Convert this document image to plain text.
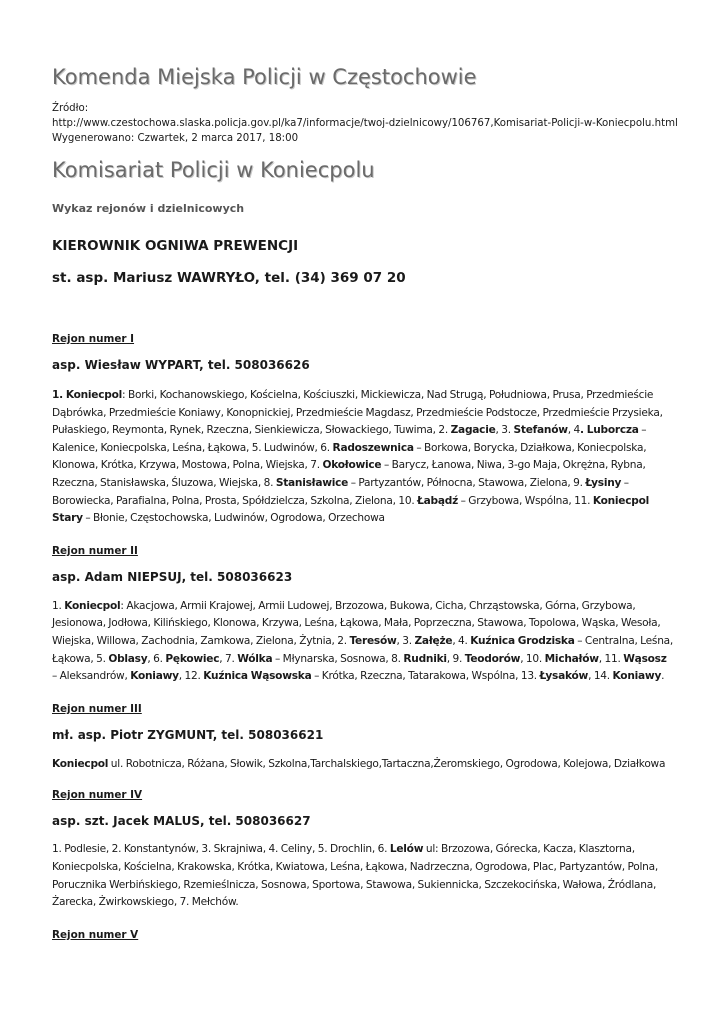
Komenda Miejska Policji w Częstochowie
Źródło:
http://www.czestochowa.slaska.policja.gov.pl/ka7/informacje/twoj-dzielnicowy/106767,Komisariat-Policji-w-Koniecpolu.html
Wygenerowano: Czwartek, 2 marca 2017, 18:00
Komisariat Policji w Koniecpolu
Wykaz rejonów i dzielnicowych
KIEROWNIK OGNIWA PREWENCJI
st. asp. Mariusz WAWRYŁO, tel. (34) 369 07 20
Rejon numer I
asp. Wiesław WYPART, tel. 508036626

1. Koniecpol: Borki, Kochanowskiego, Kościelna, Kościuszki, Mickiewicza, Nad Strugą, Południowa, Prusa, Przedmieście Dąbrówka, Przedmieście Koniawy, Konopnickiej, Przedmieście Magdasz, Przedmieście Podstocze, Przedmieście Przysieka, Pułaskiego, Reymonta, Rynek, Rzeczna, Sienkiewicza, Słowackiego, Tuwima, 2. Zagacie, 3. Stefanów, 4. Luborcza – Kalenice, Koniecpolska, Leśna, Łąkowa, 5. Ludwinów, 6. Radoszewnica – Borkowa, Borycka, Działkowa, Koniecpolska, Klonowa, Krótka, Krzywa, Mostowa, Polna, Wiejska, 7. Okołowice – Barycz, Łanowa, Niwa, 3-go Maja, Okrężna, Rybna, Rzeczna, Stanisławska, Śluzowa, Wiejska, 8. Stanisławice – Partyzantów, Północna, Stawowa, Zielona, 9. Łysiny – Borowiecka, Parafialna, Polna, Prosta, Spółdzielcza, Szkolna, Zielona, 10. Łabądź – Grzybowa, Wspólna, 11. Koniecpol Stary – Błonie, Częstochowska, Ludwinów, Ogrodowa, Orzechowa

Rejon numer II
asp. Adam NIEPSUJ, tel. 508036623

1. Koniecpol: Akacjowa, Armii Krajowej, Armii Ludowej, Brzozowa, Bukowa, Cicha, Chrząstowska, Górna, Grzybowa, Jesionowa, Jodłowa, Kilińskiego, Klonowa, Krzywa, Leśna, Łąkowa, Mała, Poprzeczna, Stawowa, Topolowa, Wąska, Wesoła, Wiejska, Willowa, Zachodnia, Zamkowa, Zielona, Żytnia, 2. Teresów, 3. Załęże, 4. Kuźnica Grodziska – Centralna, Leśna, Łąkowa, 5. Oblasy, 6. Pękowiec, 7. Wólka – Młynarska, Sosnowa, 8. Rudniki, 9. Teodorów, 10. Michałów, 11. Wąsosz – Aleksandrów, Koniawy, 12. Kuźnica Wąsowska – Krótka, Rzeczna, Tatarakowa, Wspólna, 13. Łysaków, 14. Koniawy.

Rejon numer III
mł. asp. Piotr ZYGMUNT, tel. 508036621

Koniecpol ul. Robotnicza, Różana, Słowik, Szkolna,Tarchalskiego,Tartaczna,Żeromskiego, Ogrodowa, Kolejowa, Działkowa

Rejon numer IV
asp. szt. Jacek MALUS, tel. 508036627

1. Podlesie, 2. Konstantynów, 3. Skrajniwa, 4. Celiny, 5. Drochlin, 6. Lelów ul: Brzozowa, Górecka, Kacza, Klasztorna, Koniecpolska, Kościelna, Krakowska, Krótka, Kwiatowa, Leśna, Łąkowa, Nadrzeczna, Ogrodowa, Plac, Partyzantów, Polna, Porucznika Werbińskiego, Rzemieślnicza, Sosnowa, Sportowa, Stawowa, Sukiennicka, Szczekocińska, Wałowa, Źródlana, Żarecka, Żwirkowskiego, 7. Mełchów.

Rejon numer V
